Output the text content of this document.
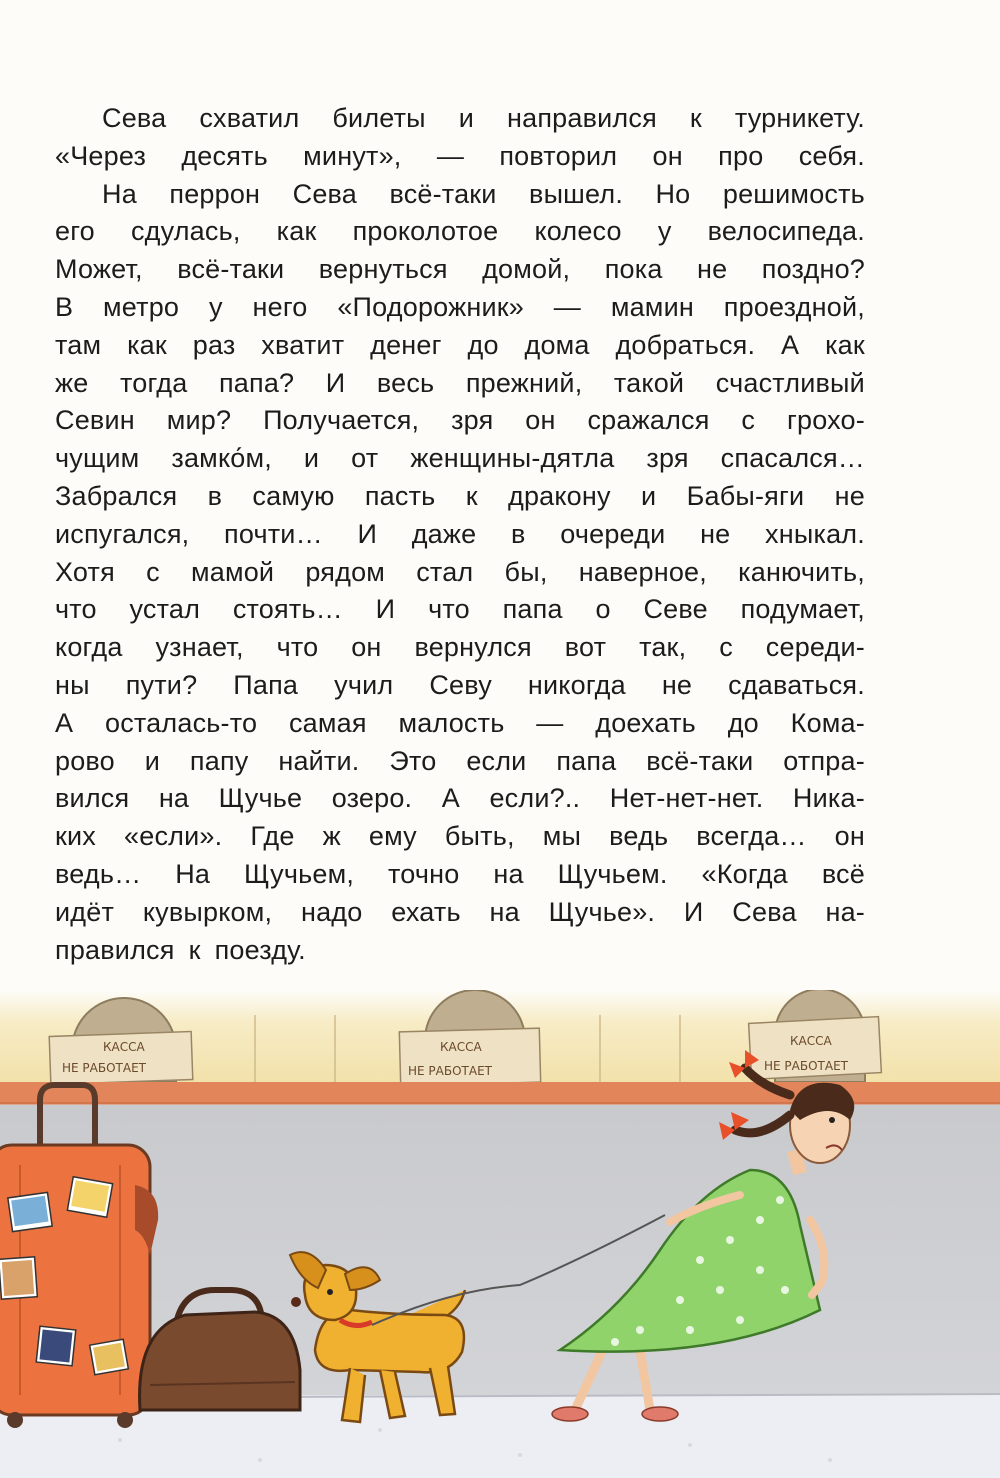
Сева схватил билеты и направился к турникету.
«Через десять минут», — повторил он про себя.
На перрон Сева всё-таки вышел. Но решимость
его сдулась, как проколотое колесо у велосипеда.
Может, всё-таки вернуться домой, пока не поздно?
В метро у него «Подорожник» — мамин проездной,
там как раз хватит денег до дома добраться. А как
же тогда папа? И весь прежний, такой счастливый
Севин мир? Получается, зря он сражался с грохо-
чущим замко́м, и от женщины-дятла зря спасался…
Забрался в самую пасть к дракону и Бабы-яги не
испугался, почти… И даже в очереди не хныкал.
Хотя с мамой рядом стал бы, наверное, канючить,
что устал стоять… И что папа о Севе подумает,
когда узнает, что он вернулся вот так, с середи-
ны пути? Папа учил Севу никогда не сдаваться.
А осталась-то самая малость — доехать до Кома-
рово и папу найти. Это если папа всё-таки отпра-
вился на Щучье озеро. А если?.. Нет-нет-нет. Ника-
ких «если». Где ж ему быть, мы ведь всегда… он
ведь… На Щучьем, точно на Щучьем. «Когда всё
идёт кувырком, надо ехать на Щучье». И Сева на-
правился к поезду.
КАССА
НЕ РАБОТАЕТ
КАССА
НЕ РАБОТАЕТ
КАССА
НЕ РАБОТАЕТ
